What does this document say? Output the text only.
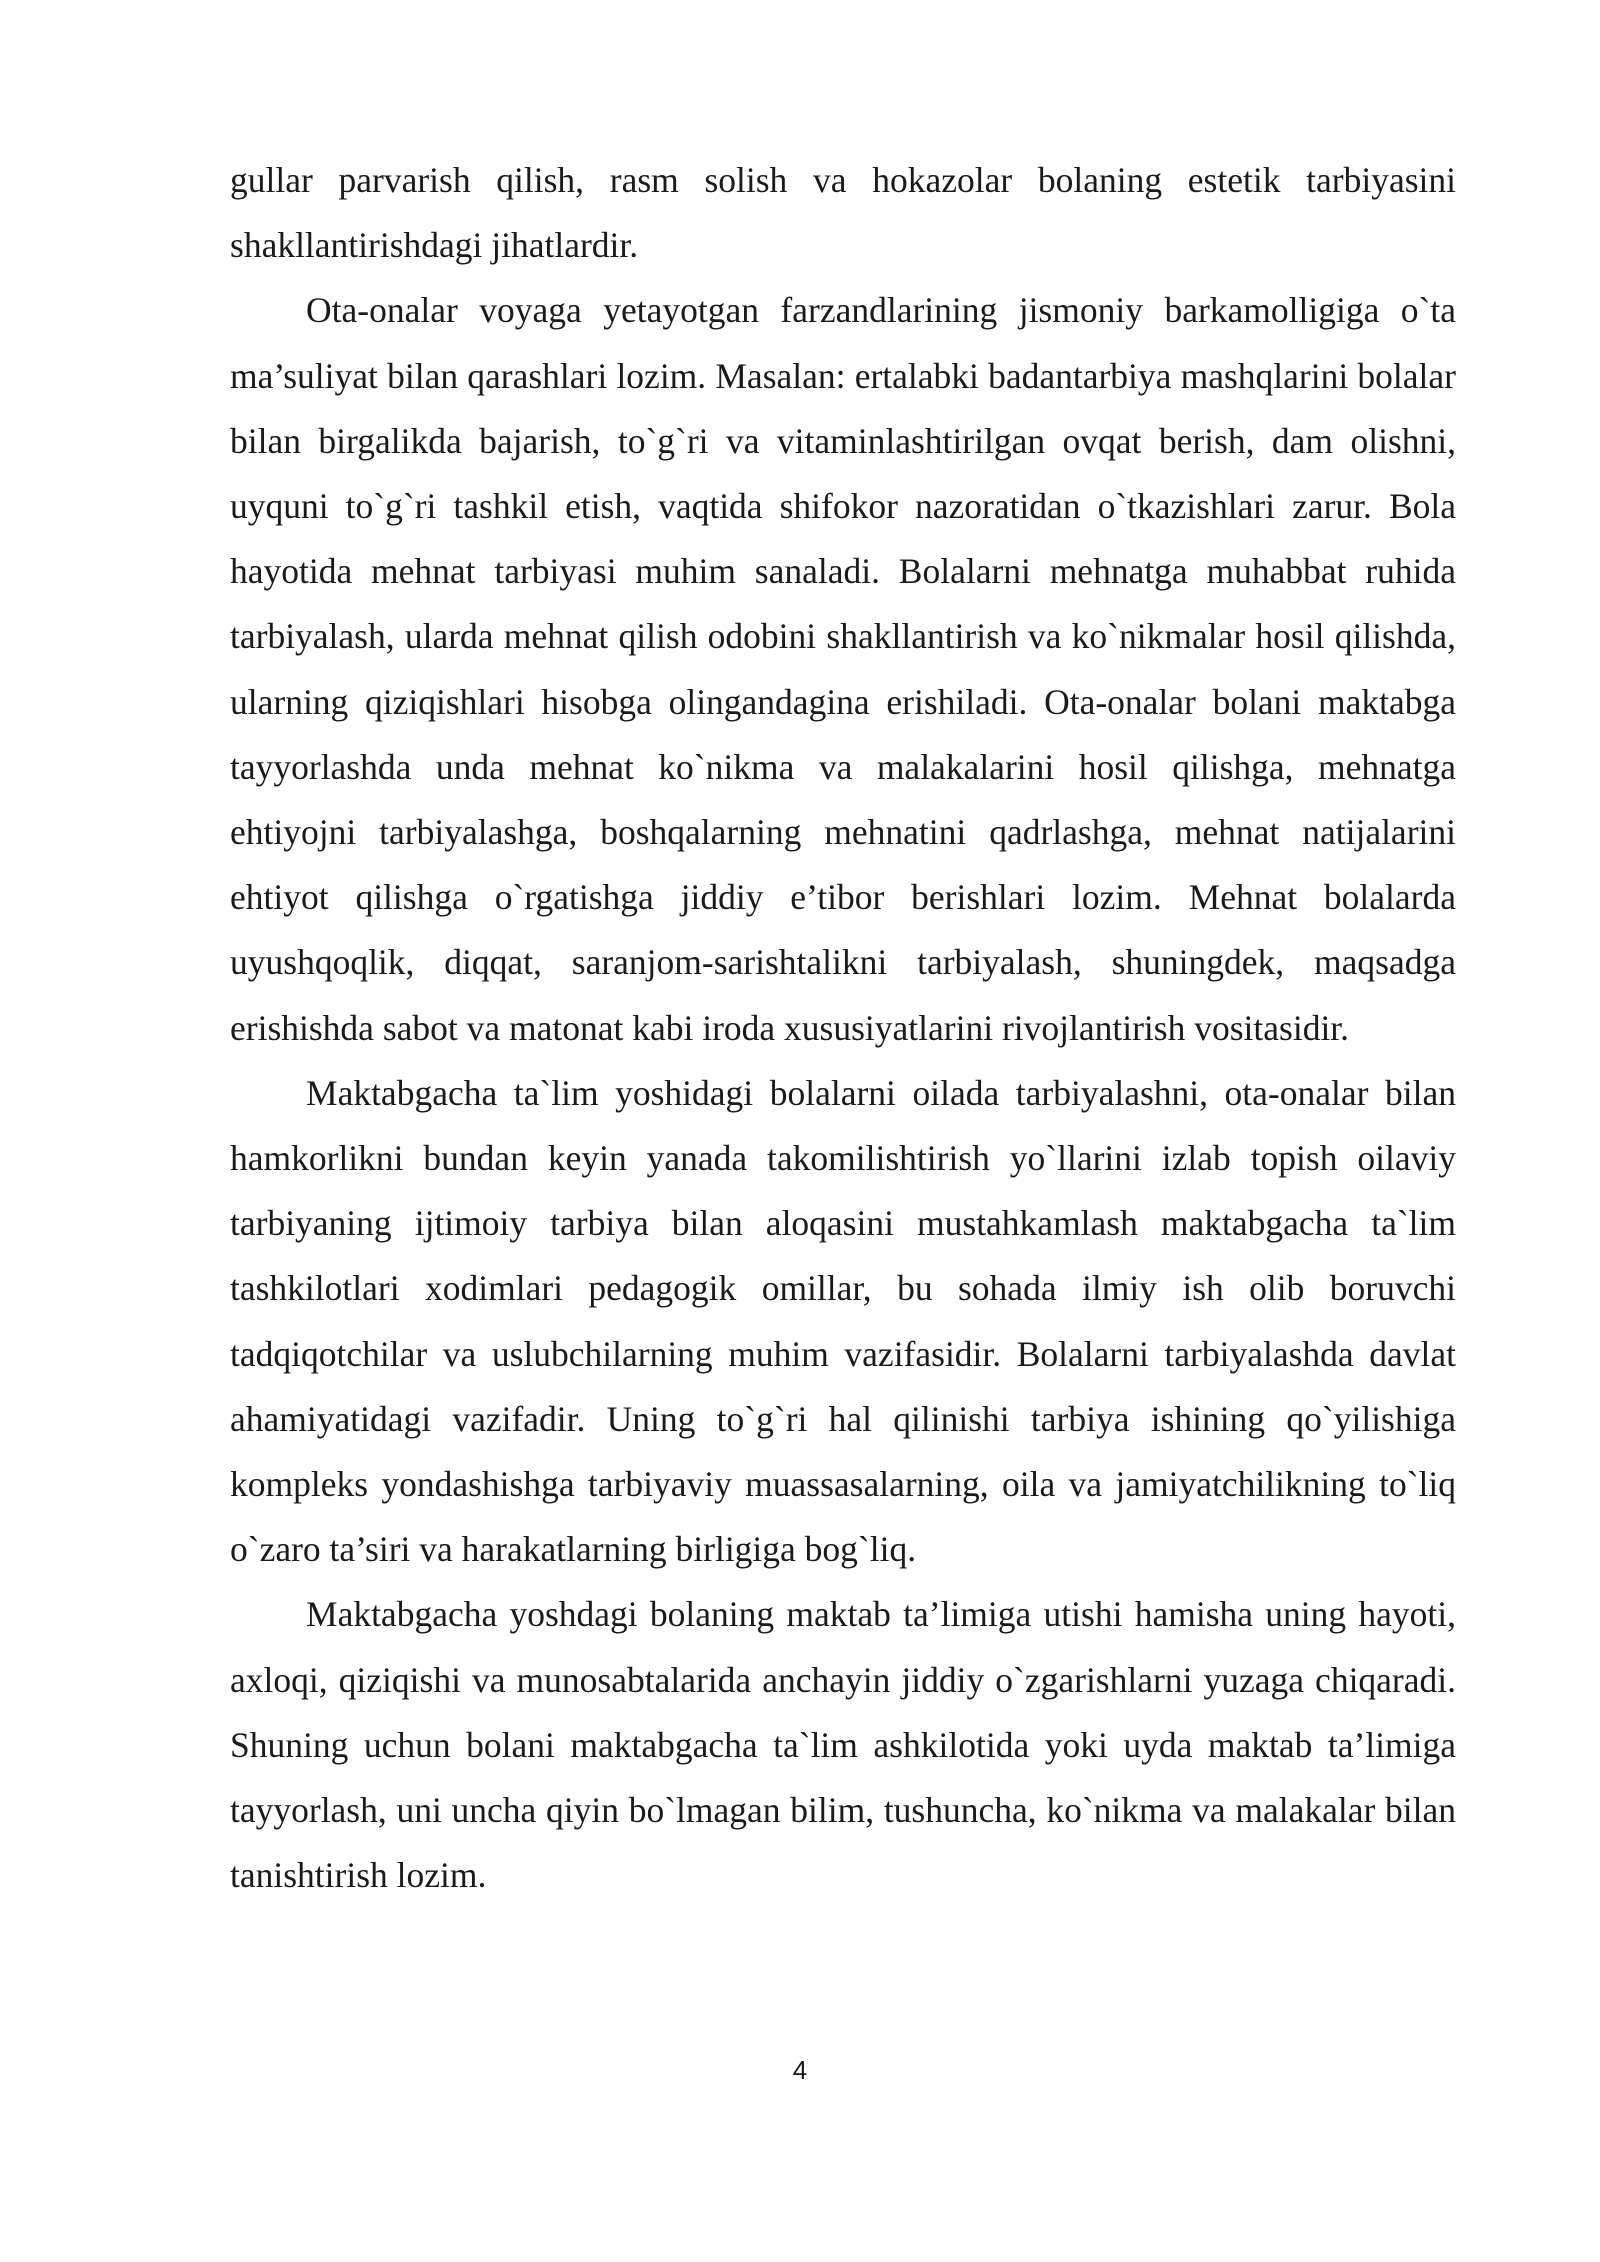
gullar parvarish qilish, rasm solish va hokazolar bolaning estetik tarbiyasini shakllantirishdagi jihatlardir.

Ota-onalar voyaga yetayotgan farzandlarining jismoniy barkamolligiga o`ta ma’suliyat bilan qarashlari lozim. Masalan: ertalabki badantarbiya mashqlarini bolalar bilan birgalikda bajarish, to`g`ri va vitaminlashtirilgan ovqat berish, dam olishni, uyquni to`g`ri tashkil etish, vaqtida shifokor nazoratidan o`tkazishlari zarur. Bola hayotida mehnat tarbiyasi muhim sanaladi. Bolalarni mehnatga muhabbat ruhida tarbiyalash, ularda mehnat qilish odobini shakllantirish va ko`nikmalar hosil qilishda, ularning qiziqishlari hisobga olingandagina erishiladi. Ota-onalar bolani maktabga tayyorlashda unda mehnat ko`nikma va malakalarini hosil qilishga, mehnatga ehtiyojni tarbiyalashga, boshqalarning mehnatini qadrlashga, mehnat natijalarini ehtiyot qilishga o`rgatishga jiddiy e’tibor berishlari lozim. Mehnat bolalarda uyushqoqlik, diqqat, saranjom-sarishtalikni tarbiyalash, shuningdek, maqsadga erishishda sabot va matonat kabi iroda xususiyatlarini rivojlantirish vositasidir.

Maktabgacha ta`lim yoshidagi bolalarni oilada tarbiyalashni, ota-onalar bilan hamkorlikni bundan keyin yanada takomilishtirish yo`llarini izlab topish oilaviy tarbiyaning ijtimoiy tarbiya bilan aloqasini mustahkamlash maktabgacha ta`lim tashkilotlari xodimlari pedagogik omillar, bu sohada ilmiy ish olib boruvchi tadqiqotchilar va uslubchilarning muhim vazifasidir. Bolalarni tarbiyalashda davlat ahamiyatidagi vazifadir. Uning to`g`ri hal qilinishi tarbiya ishining qo`yilishiga kompleks yondashishga tarbiyaviy muassasalarning, oila va jamiyatchilikning to`liq o`zaro ta’siri va harakatlarning birligiga bog`liq.

Maktabgacha yoshdagi bolaning maktab ta’limiga utishi hamisha uning hayoti, axloqi, qiziqishi va munosabtalarida anchayin jiddiy o`zgarishlarni yuzaga chiqaradi. Shuning uchun bolani maktabgacha ta`lim ashkilotida yoki uyda maktab ta’limiga tayyorlash, uni uncha qiyin bo`lmagan bilim, tushuncha, ko`nikma va malakalar bilan tanishtirish lozim.

4
